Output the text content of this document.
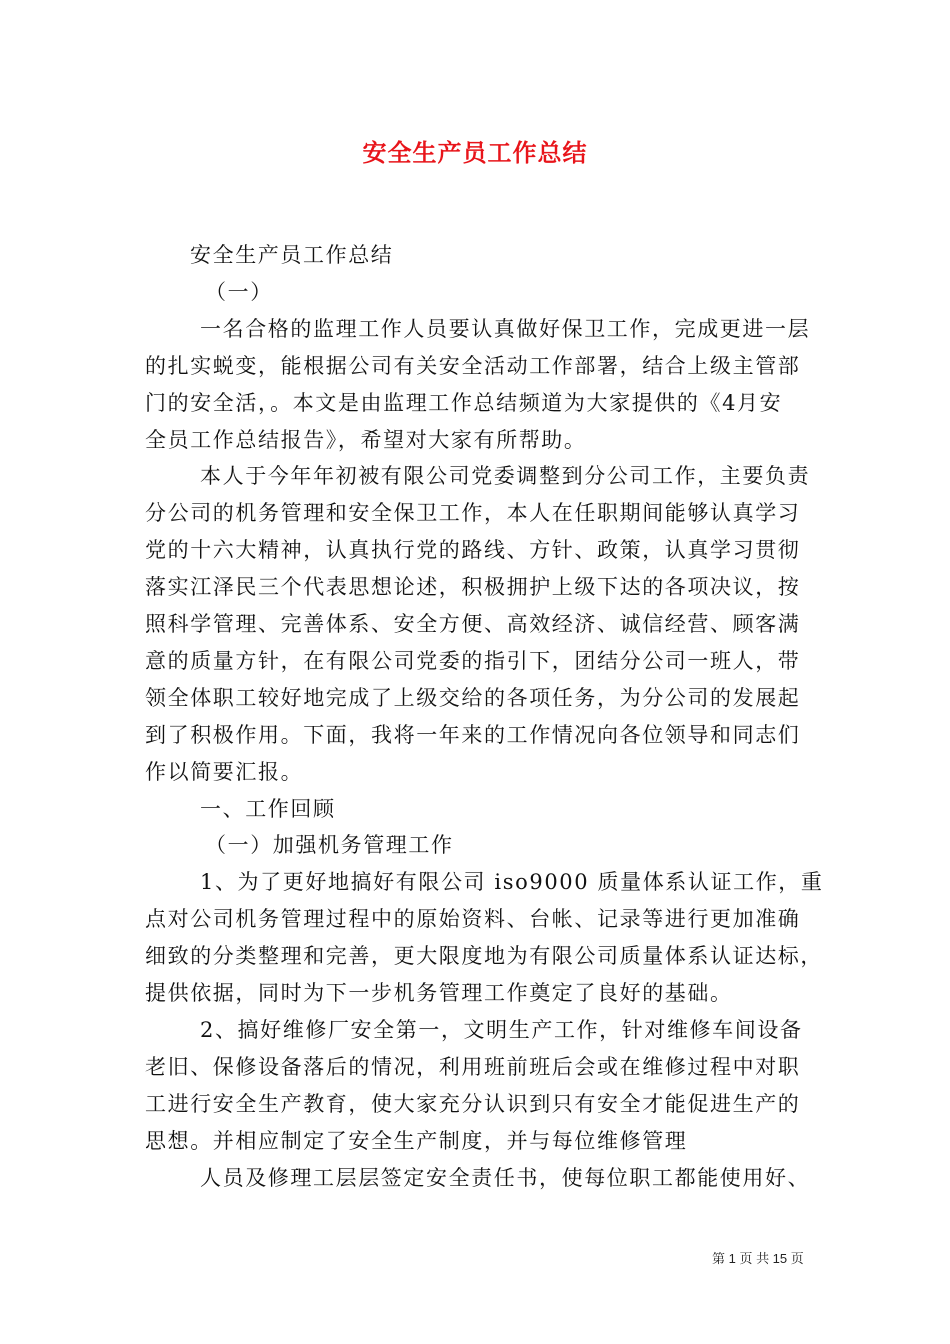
安全生产员工作总结
安全生产员工作总结
（一）
一名合格的监理工作人员要认真做好保卫工作，完成更进一层
的扎实蜕变，能根据公司有关安全活动工作部署，结合上级主管部
门的安全活，。本文是由监理工作总结频道为大家提供的《4月安
全员工作总结报告》，希望对大家有所帮助。
本人于今年年初被有限公司党委调整到分公司工作，主要负责
分公司的机务管理和安全保卫工作，本人在任职期间能够认真学习
党的十六大精神，认真执行党的路线、方针、政策，认真学习贯彻
落实江泽民三个代表思想论述，积极拥护上级下达的各项决议，按
照科学管理、完善体系、安全方便、高效经济、诚信经营、顾客满
意的质量方针，在有限公司党委的指引下，团结分公司一班人，带
领全体职工较好地完成了上级交给的各项任务，为分公司的发展起
到了积极作用。下面，我将一年来的工作情况向各位领导和同志们
作以简要汇报。
一、工作回顾
（一）加强机务管理工作
1、为了更好地搞好有限公司 iso9000 质量体系认证工作，重
点对公司机务管理过程中的原始资料、台帐、记录等进行更加准确
细致的分类整理和完善，更大限度地为有限公司质量体系认证达标，
提供依据，同时为下一步机务管理工作奠定了良好的基础。
2、搞好维修厂安全第一，文明生产工作，针对维修车间设备
老旧、保修设备落后的情况，利用班前班后会或在维修过程中对职
工进行安全生产教育，使大家充分认识到只有安全才能促进生产的
思想。并相应制定了安全生产制度，并与每位维修管理
人员及修理工层层签定安全责任书，使每位职工都能使用好、
第 1 页 共 15 页
